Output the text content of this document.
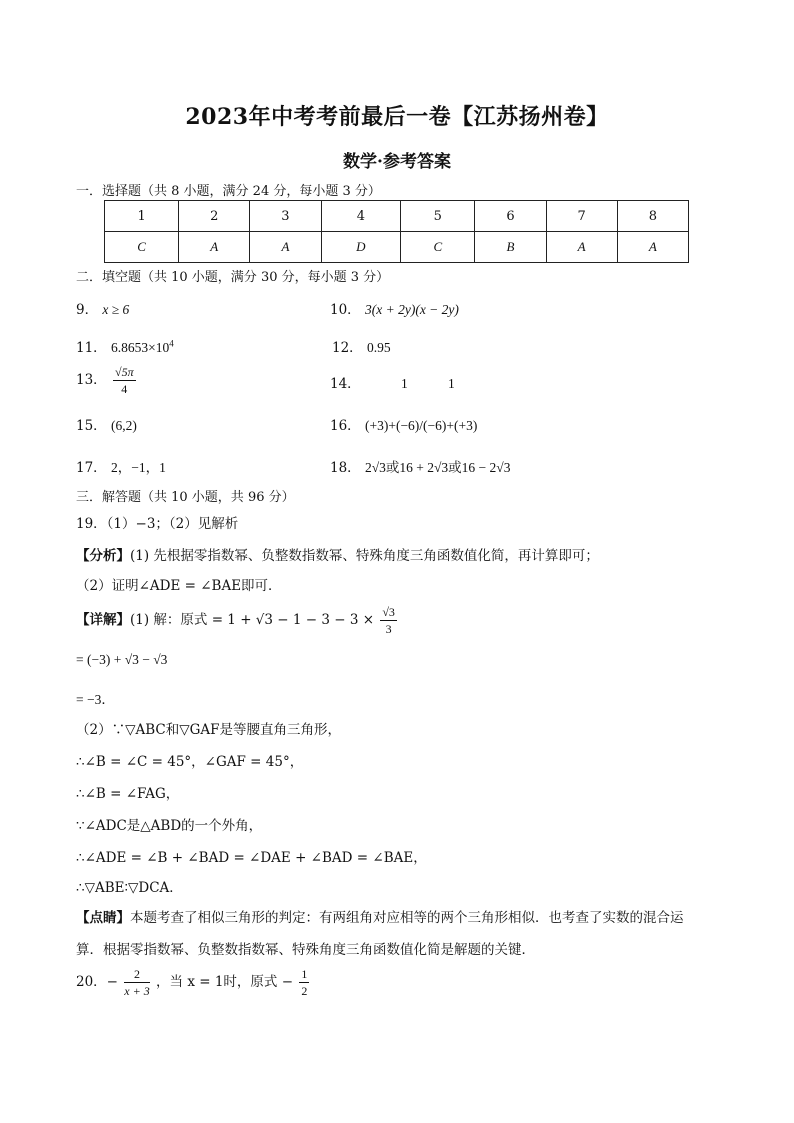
2023年中考考前最后一卷【江苏扬州卷】
数学·参考答案
一．选择题（共 8 小题，满分 24 分，每小题 3 分）
1	2	3	4	5	6	7	8
C	A	A	D	C	B	A	A
二．填空题（共 10 小题，满分 30 分，每小题 3 分）
9． x ≥ 6	10． 3(x + 2y)(x − 2y)
11． $6.8653\times 10^4$	12． 0.95
13． $\frac{√5\pi}{4}$	14．	1	1
15． (6,2)	16． (+3)+(−6)/(−6)+(+3)
17． 2，−1，1	18． 2√3或16 + 2√3或16 − 2√3
三．解答题（共 10 小题，共 96 分）
19．（1）−3；（2）见解析
【分析】(1) 先根据零指数幂、负整数指数幂、特殊角度三角函数值化简，再计算即可；
（2）证明∠ADE = ∠BAE即可．
【详解】(1) 解：原式 = $1 + √3 - 1 - 3 - 3 \times \frac{√3}{3}$
= (−3) + √3 − √3
= −3．
（2）∵▽ABC和▽GAF是等腰直角三角形，
∴∠B = ∠C = 45°，∠GAF = 45°，
∴∠B = ∠FAG，
∵∠ADC是△ABD的一个外角，
∴∠ADE = ∠B + ∠BAD = ∠DAE + ∠BAD = ∠BAE，
∴▽ABE∶▽DCA．
【点睛】本题考查了相似三角形的判定：有两组角对应相等的两个三角形相似．也考查了实数的混合运
算．根据零指数幂、负整数指数幂、特殊角度三角函数值化简是解题的关键．
20．− $\frac{2}{x + 3}$ ，当 x = 1时，原式 − $\frac{1}{2}$
